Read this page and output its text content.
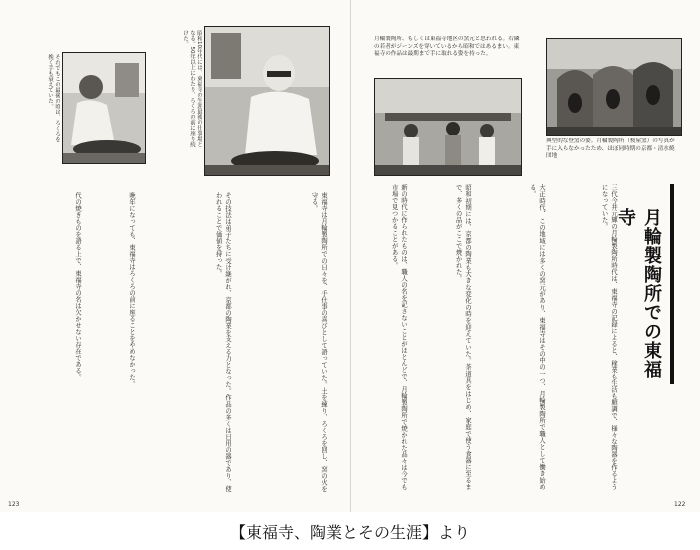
それでもこの最後の頃は、ろくろを挽く手も衰えていた。	昭和10年代には、東福寺の生涯最後の仕事場となる。50年以上にわたり、ろくろの前に座り続けた。
東福寺は月輪製陶所での日々を、手仕事の喜びとして語っていた。土を練り、ろくろを回し、窯の火を守る。
その技法は弟子たちに受け継がれ、京都の陶業を支える力となった。作品の多くは日用の器であり、使われることで価値を持った。
晩年になっても、東福寺はろくろの前に座ることをやめなかった。
代の焼きものを語る上で、東福寺の名は欠かせない存在である。
123
月輪製陶所、もしくは東福寺地区の窯元と思われる。右隣の若者がジーンズを穿いているから昭和ではあるまい。東福寺の作品は最期まで手に取れる姿を持った。
典型的な登窯の姿。月輪製陶所（桜屋窯）の写真が手に入らなかったため、ほぼ同時期の京都・清水焼団地
三代今井元輝の月輪製陶所時代は、東福寺の記録によると、稼業も生活も順調で、様々な陶器を作るようになっていた。
大正時代、この地域には多くの窯元があり、東福寺はその中の一つ、月輪製陶所で職人として働き始める。
昭和初期には、京都の陶業も大きな変化の時を迎えていた。茶道具をはじめ、家庭で使う食器に至るまで、多くの品がここで焼かれた。
新の時代に作られたものは、職人の名を記さないことがほとんどで、月輪製陶所で焼かれた品々は今でも市場で見つかることがある。
122
月輪製陶所での東福寺
【東福寺、陶業とその生涯】より
